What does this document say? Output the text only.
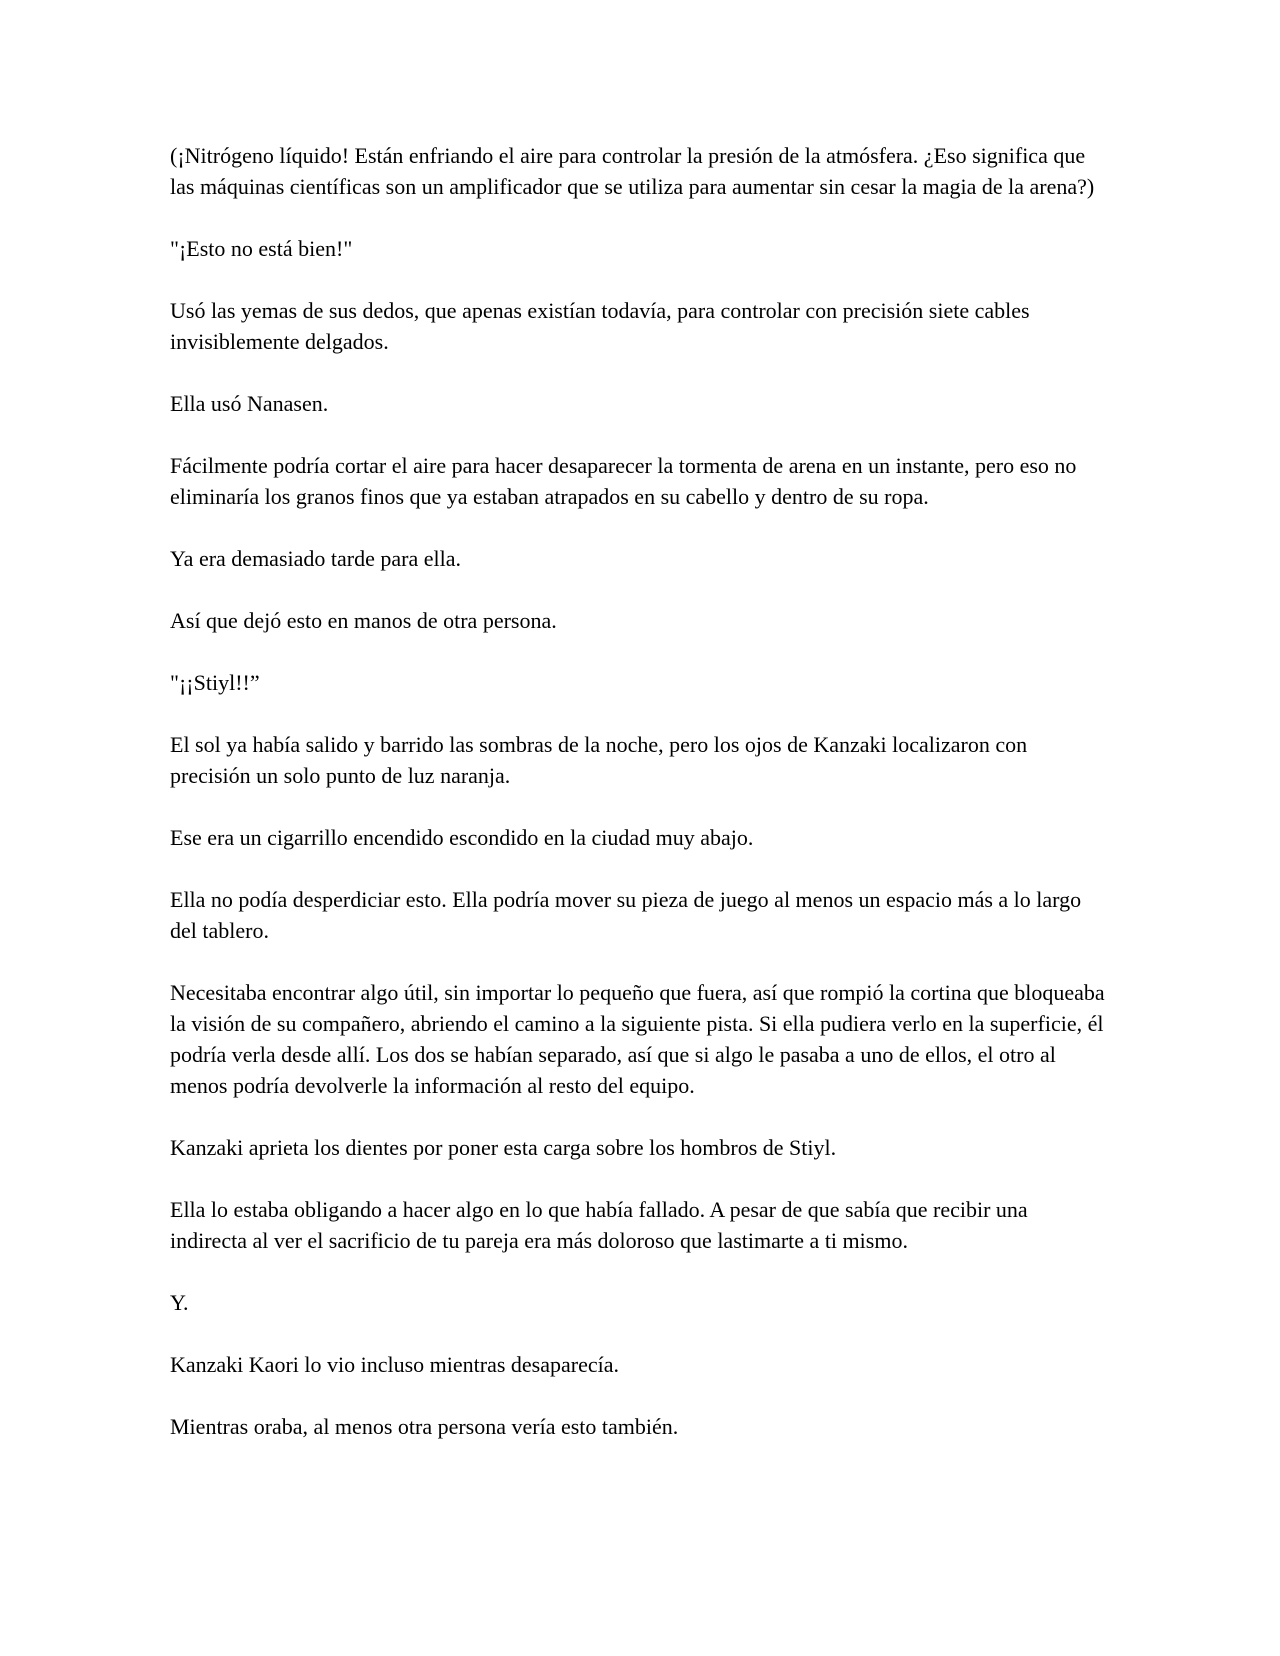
(¡Nitrógeno líquido! Están enfriando el aire para controlar la presión de la atmósfera. ¿Eso significa que las máquinas científicas son un amplificador que se utiliza para aumentar sin cesar la magia de la arena?)

"¡Esto no está bien!"

Usó las yemas de sus dedos, que apenas existían todavía, para controlar con precisión siete cables invisiblemente delgados.

Ella usó Nanasen.

Fácilmente podría cortar el aire para hacer desaparecer la tormenta de arena en un instante, pero eso no eliminaría los granos finos que ya estaban atrapados en su cabello y dentro de su ropa.

Ya era demasiado tarde para ella.

Así que dejó esto en manos de otra persona.

"¡¡Stiyl!!”

El sol ya había salido y barrido las sombras de la noche, pero los ojos de Kanzaki localizaron con precisión un solo punto de luz naranja.

Ese era un cigarrillo encendido escondido en la ciudad muy abajo.

Ella no podía desperdiciar esto. Ella podría mover su pieza de juego al menos un espacio más a lo largo del tablero.

Necesitaba encontrar algo útil, sin importar lo pequeño que fuera, así que rompió la cortina que bloqueaba la visión de su compañero, abriendo el camino a la siguiente pista. Si ella pudiera verlo en la superficie, él podría verla desde allí. Los dos se habían separado, así que si algo le pasaba a uno de ellos, el otro al menos podría devolverle la información al resto del equipo.

Kanzaki aprieta los dientes por poner esta carga sobre los hombros de Stiyl.

Ella lo estaba obligando a hacer algo en lo que había fallado. A pesar de que sabía que recibir una indirecta al ver el sacrificio de tu pareja era más doloroso que lastimarte a ti mismo.

Y.

Kanzaki Kaori lo vio incluso mientras desaparecía.

Mientras oraba, al menos otra persona vería esto también.
